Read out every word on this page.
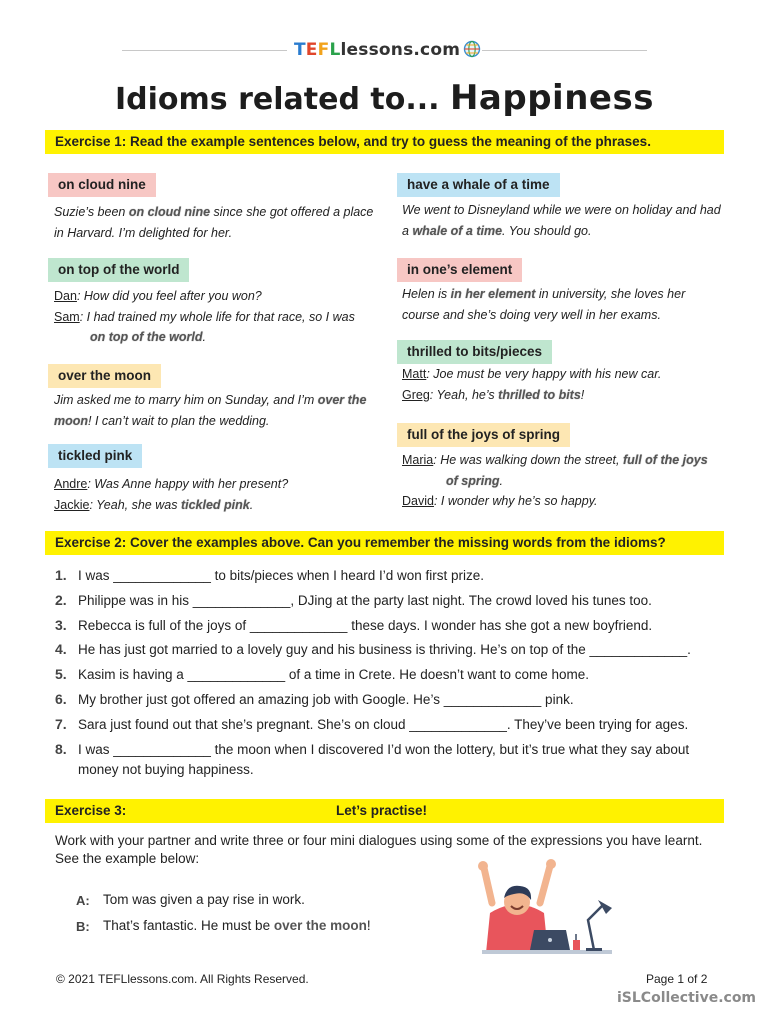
TEFLlessons.com
Idioms related to... Happiness
Exercise 1: Read the example sentences below, and try to guess the meaning of the phrases.
on cloud nine
Suzie’s been on cloud nine since she got offered a place in Harvard. I’m delighted for her.
on top of the world
Dan: How did you feel after you won?
Sam: I had trained my whole life for that race, so I was
on top of the world.
over the moon
Jim asked me to marry him on Sunday, and I’m over the moon! I can’t wait to plan the wedding.
tickled pink
Andre: Was Anne happy with her present?
Jackie: Yeah, she was tickled pink.
have a whale of a time
We went to Disneyland while we were on holiday and had a whale of a time. You should go.
in one’s element
Helen is in her element in university, she loves her course and she’s doing very well in her exams.
thrilled to bits/pieces
Matt: Joe must be very happy with his new car.
Greg: Yeah, he’s thrilled to bits!
full of the joys of spring
Maria: He was walking down the street, full of the joys
of spring.
David: I wonder why he’s so happy.
Exercise 2: Cover the examples above. Can you remember the missing words from the idioms?
1. I was _____________ to bits/pieces when I heard I’d won first prize.
2. Philippe was in his _____________, DJing at the party last night. The crowd loved his tunes too.
3. Rebecca is full of the joys of _____________ these days. I wonder has she got a new boyfriend.
4. He has just got married to a lovely guy and his business is thriving. He’s on top of the _____________.
5. Kasim is having a _____________ of a time in Crete. He doesn’t want to come home.
6. My brother just got offered an amazing job with Google. He’s _____________ pink.
7. Sara just found out that she’s pregnant. She’s on cloud _____________. They’ve been trying for ages.
8. I was _____________ the moon when I discovered I’d won the lottery, but it’s true what they say about money not buying happiness.
Exercise 3:	Let’s practise!
Work with your partner and write three or four mini dialogues using some of the expressions you have learnt. See the example below:
A: Tom was given a pay rise in work.
B: That’s fantastic. He must be over the moon!
© 2021 TEFLlessons.com. All Rights Reserved.	Page 1 of 2
iSLCollective.com
